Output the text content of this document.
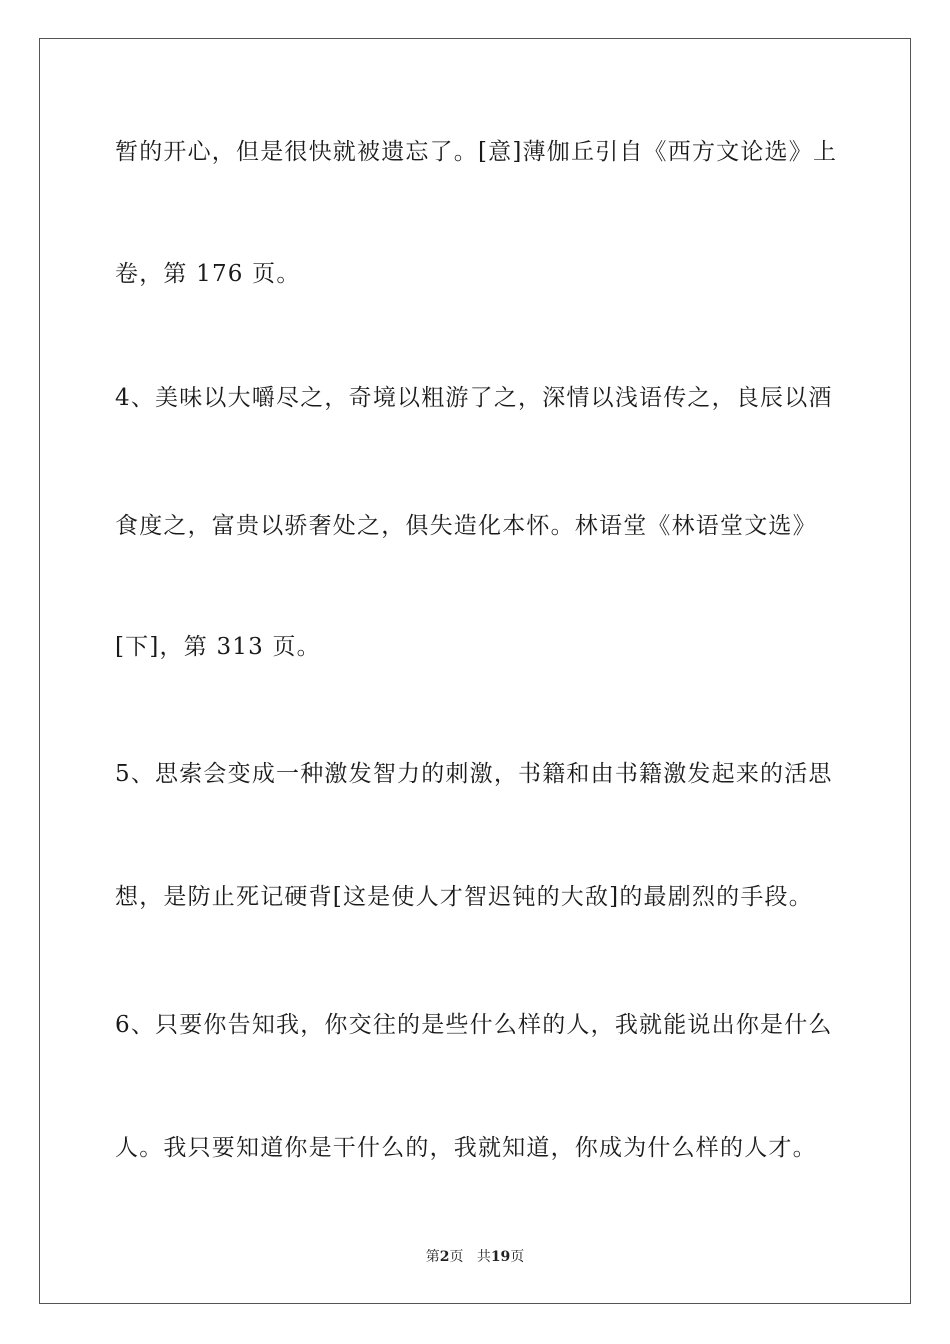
暂的开心，但是很快就被遗忘了。[意]薄伽丘引自《西方文论选》上
卷，第 176 页。
4、美味以大嚼尽之，奇境以粗游了之，深情以浅语传之，良辰以酒
食度之，富贵以骄奢处之，俱失造化本怀。林语堂《林语堂文选》
[下]，第 313 页。
5、思索会变成一种激发智力的刺激，书籍和由书籍激发起来的活思
想，是防止死记硬背[这是使人才智迟钝的大敌]的最剧烈的手段。
6、只要你告知我，你交往的是些什么样的人，我就能说出你是什么
人。我只要知道你是干什么的，我就知道，你成为什么样的人才。
第2页 共19页
